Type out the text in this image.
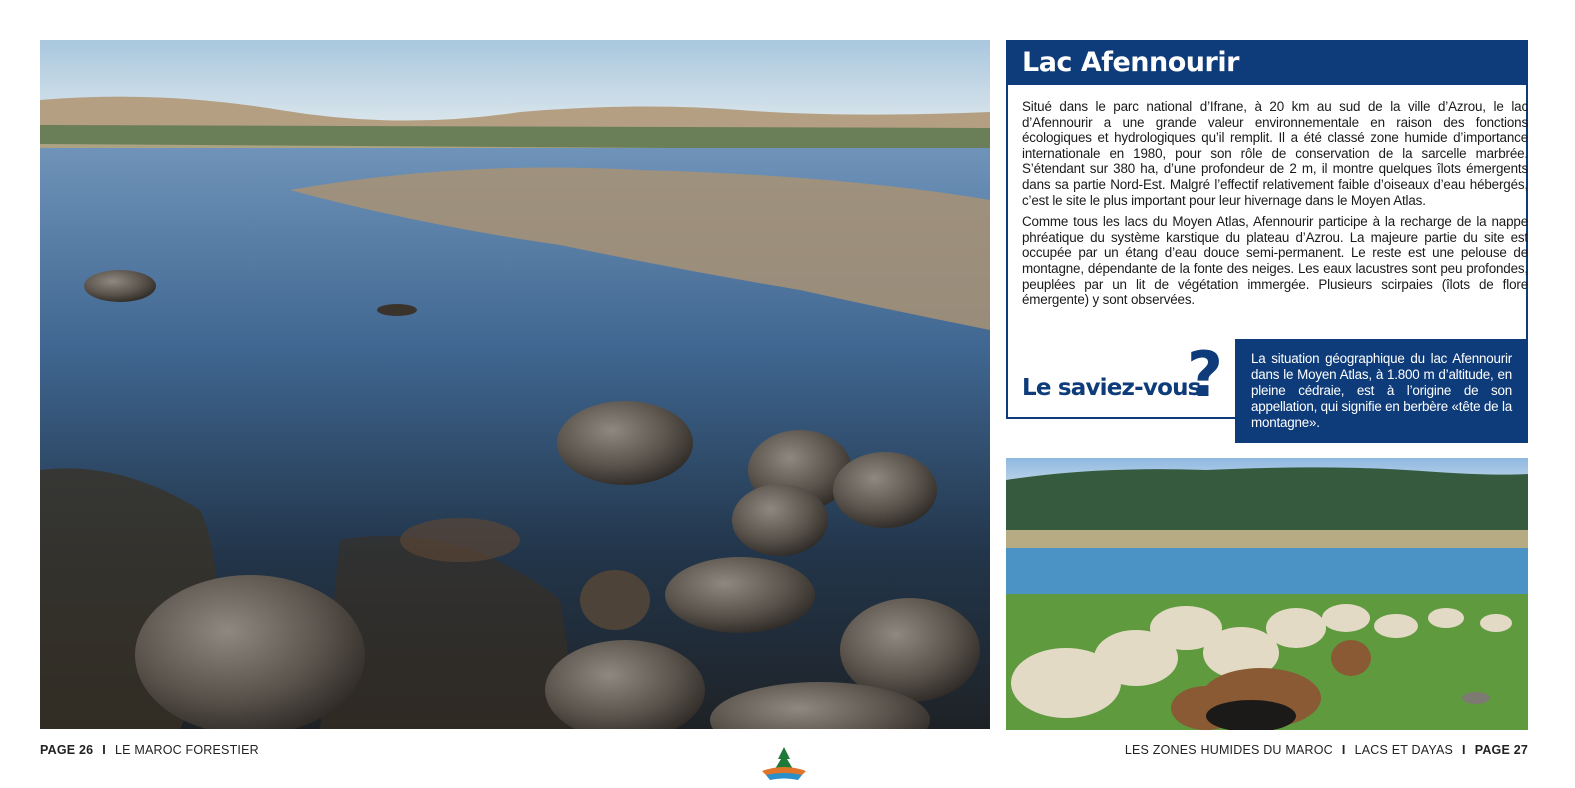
Lac Afennourir

Situé dans le parc national d’Ifrane, à 20 km au sud de la ville d’Azrou, le lac d’Afennourir a une grande valeur environnementale en raison des fonctions écologiques et hydrologiques qu’il remplit. Il a été classé zone humide d’importance internationale en 1980, pour son rôle de conservation de la sarcelle marbrée. S’étendant sur 380 ha, d’une profondeur de 2 m, il montre quelques îlots émergents dans sa partie Nord-Est. Malgré l’effectif relativement faible d’oiseaux d’eau hébergés, c’est le site le plus important pour leur hivernage dans le Moyen Atlas.

Comme tous les lacs du Moyen Atlas, Afennourir participe à la recharge de la nappe phréatique du système karstique du plateau d’Azrou. La majeure partie du site est occupée par un étang d’eau douce semi-permanent. Le reste est une pelouse de montagne, dépendante de la fonte des neiges. Les eaux lacustres sont peu profondes, peuplées par un lit de végétation immergée. Plusieurs scirpaies (îlots de flore émergente) y sont observées.

Le saviez-vous
?	La situation géographique du lac Afennourir dans le Moyen Atlas, à 1.800 m d’altitude, en pleine cédraie, est à l’origine de son appellation, qui signifie en berbère «tête de la montagne».
PAGE 26 I LE MAROC FORESTIER	LES ZONES HUMIDES DU MAROC I LACS ET DAYAS I PAGE 27
